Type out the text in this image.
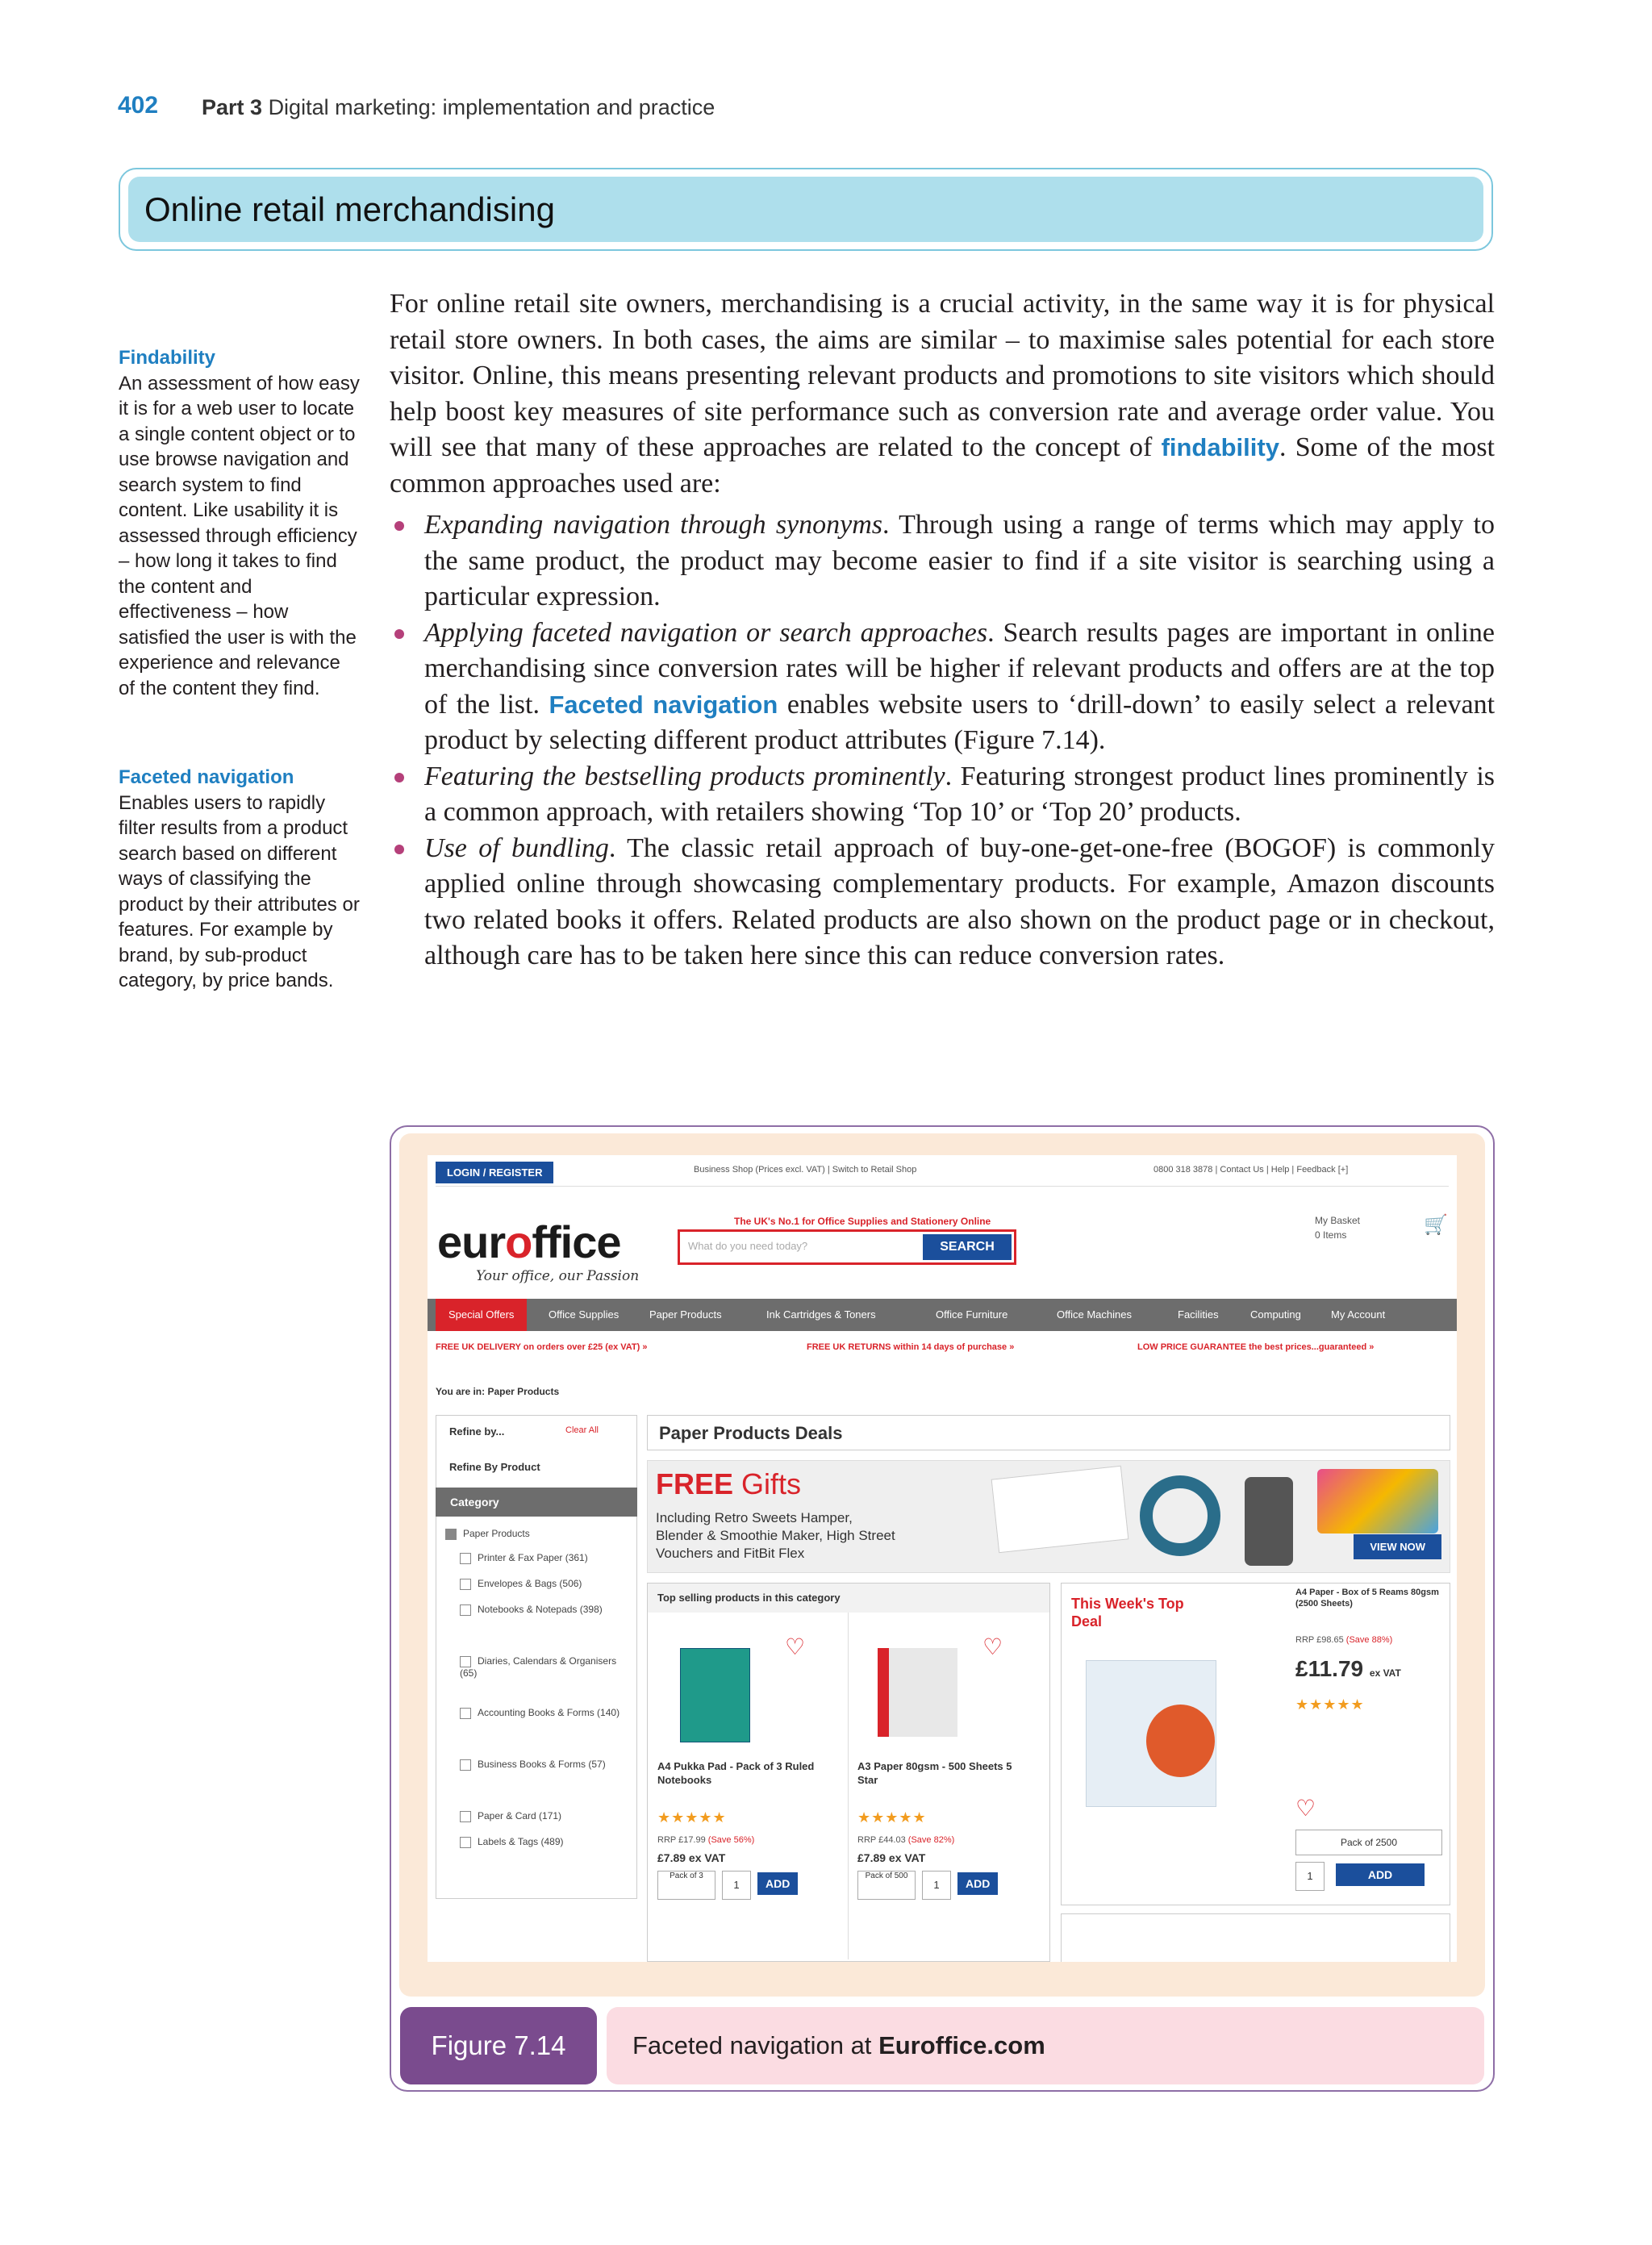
402 Part 3 Digital marketing: implementation and practice
Online retail merchandising
Findability
An assessment of how easy it is for a web user to locate a single content object or to use browse navigation and search system to find content. Like usability it is assessed through efficiency – how long it takes to find the content and effectiveness – how satisfied the user is with the experience and relevance of the content they find.
Faceted navigation
Enables users to rapidly filter results from a product search based on different ways of classifying the product by their attributes or features. For example by brand, by sub-product category, by price bands.

For online retail site owners, merchandising is a crucial activity, in the same way it is for physical retail store owners. In both cases, the aims are similar – to maximise sales potential for each store visitor. Online, this means presenting relevant products and promotions to site visitors which should help boost key measures of site performance such as conversion rate and average order value. You will see that many of these approaches are related to the concept of findability. Some of the most common approaches used are:

Expanding navigation through synonyms. Through using a range of terms which may apply to the same product, the product may become easier to find if a site visitor is searching using a particular expression.
Applying faceted navigation or search approaches. Search results pages are important in online merchandising since conversion rates will be higher if relevant products and offers are at the top of the list. Faceted navigation enables website users to ‘drill-down’ to easily select a relevant product by selecting different product attributes (Figure 7.14).
Featuring the bestselling products prominently. Featuring strongest product lines prominently is a common approach, with retailers showing ‘Top 10’ or ‘Top 20’ products.
Use of bundling. The classic retail approach of buy-one-get-one-free (BOGOF) is commonly applied online through showcasing complementary products. For example, Amazon discounts two related books it offers. Related products are also shown on the product page or in checkout, although care has to be taken here since this can reduce conversion rates.
LOGIN / REGISTER	Business Shop (Prices excl. VAT) | Switch to Retail Shop	0800 318 3878 | Contact Us | Help | Feedback [+]
euroffice
Your office, our Passion
The UK's No.1 for Office Supplies and Stationery Online
What do you need today?	SEARCH
My Basket
0 Items	🛒
Special Offers	Office Supplies	Paper Products	Ink Cartridges & Toners	Office Furniture	Office Machines	Facilities	Computing	My Account
FREE UK DELIVERY on orders over £25 (ex VAT) »	FREE UK RETURNS within 14 days of purchase »	LOW PRICE GUARANTEE the best prices...guaranteed »
You are in: Paper Products
Refine by...	Clear All
Refine By Product
Category
Paper Products
Printer & Fax Paper (361)
Envelopes & Bags (506)
Notebooks & Notepads (398)
Diaries, Calendars & Organisers (65)
Accounting Books & Forms (140)
Business Books & Forms (57)
Paper & Card (171)
Labels & Tags (489)
Paper Products Deals
FREE Gifts
Including Retro Sweets Hamper, Blender & Smoothie Maker, High Street Vouchers and FitBit Flex	VIEW NOW
Top selling products in this category
♡
A4 Pukka Pad - Pack of 3 Ruled Notebooks
★★★★★
RRP £17.99 (Save 56%)
£7.89 ex VAT
Pack of 3
1	ADD
♡
A3 Paper 80gsm - 500 Sheets 5 Star
★★★★★
RRP £44.03 (Save 82%)
£7.89 ex VAT
Pack of 500
1	ADD
This Week's Top Deal
A4 Paper - Box of 5 Reams 80gsm (2500 Sheets)
RRP £98.65 (Save 88%)
£11.79 ex VAT
★★★★★
♡
Pack of 2500
1	ADD
Figure 7.14	Faceted navigation at
Euroffice.com
